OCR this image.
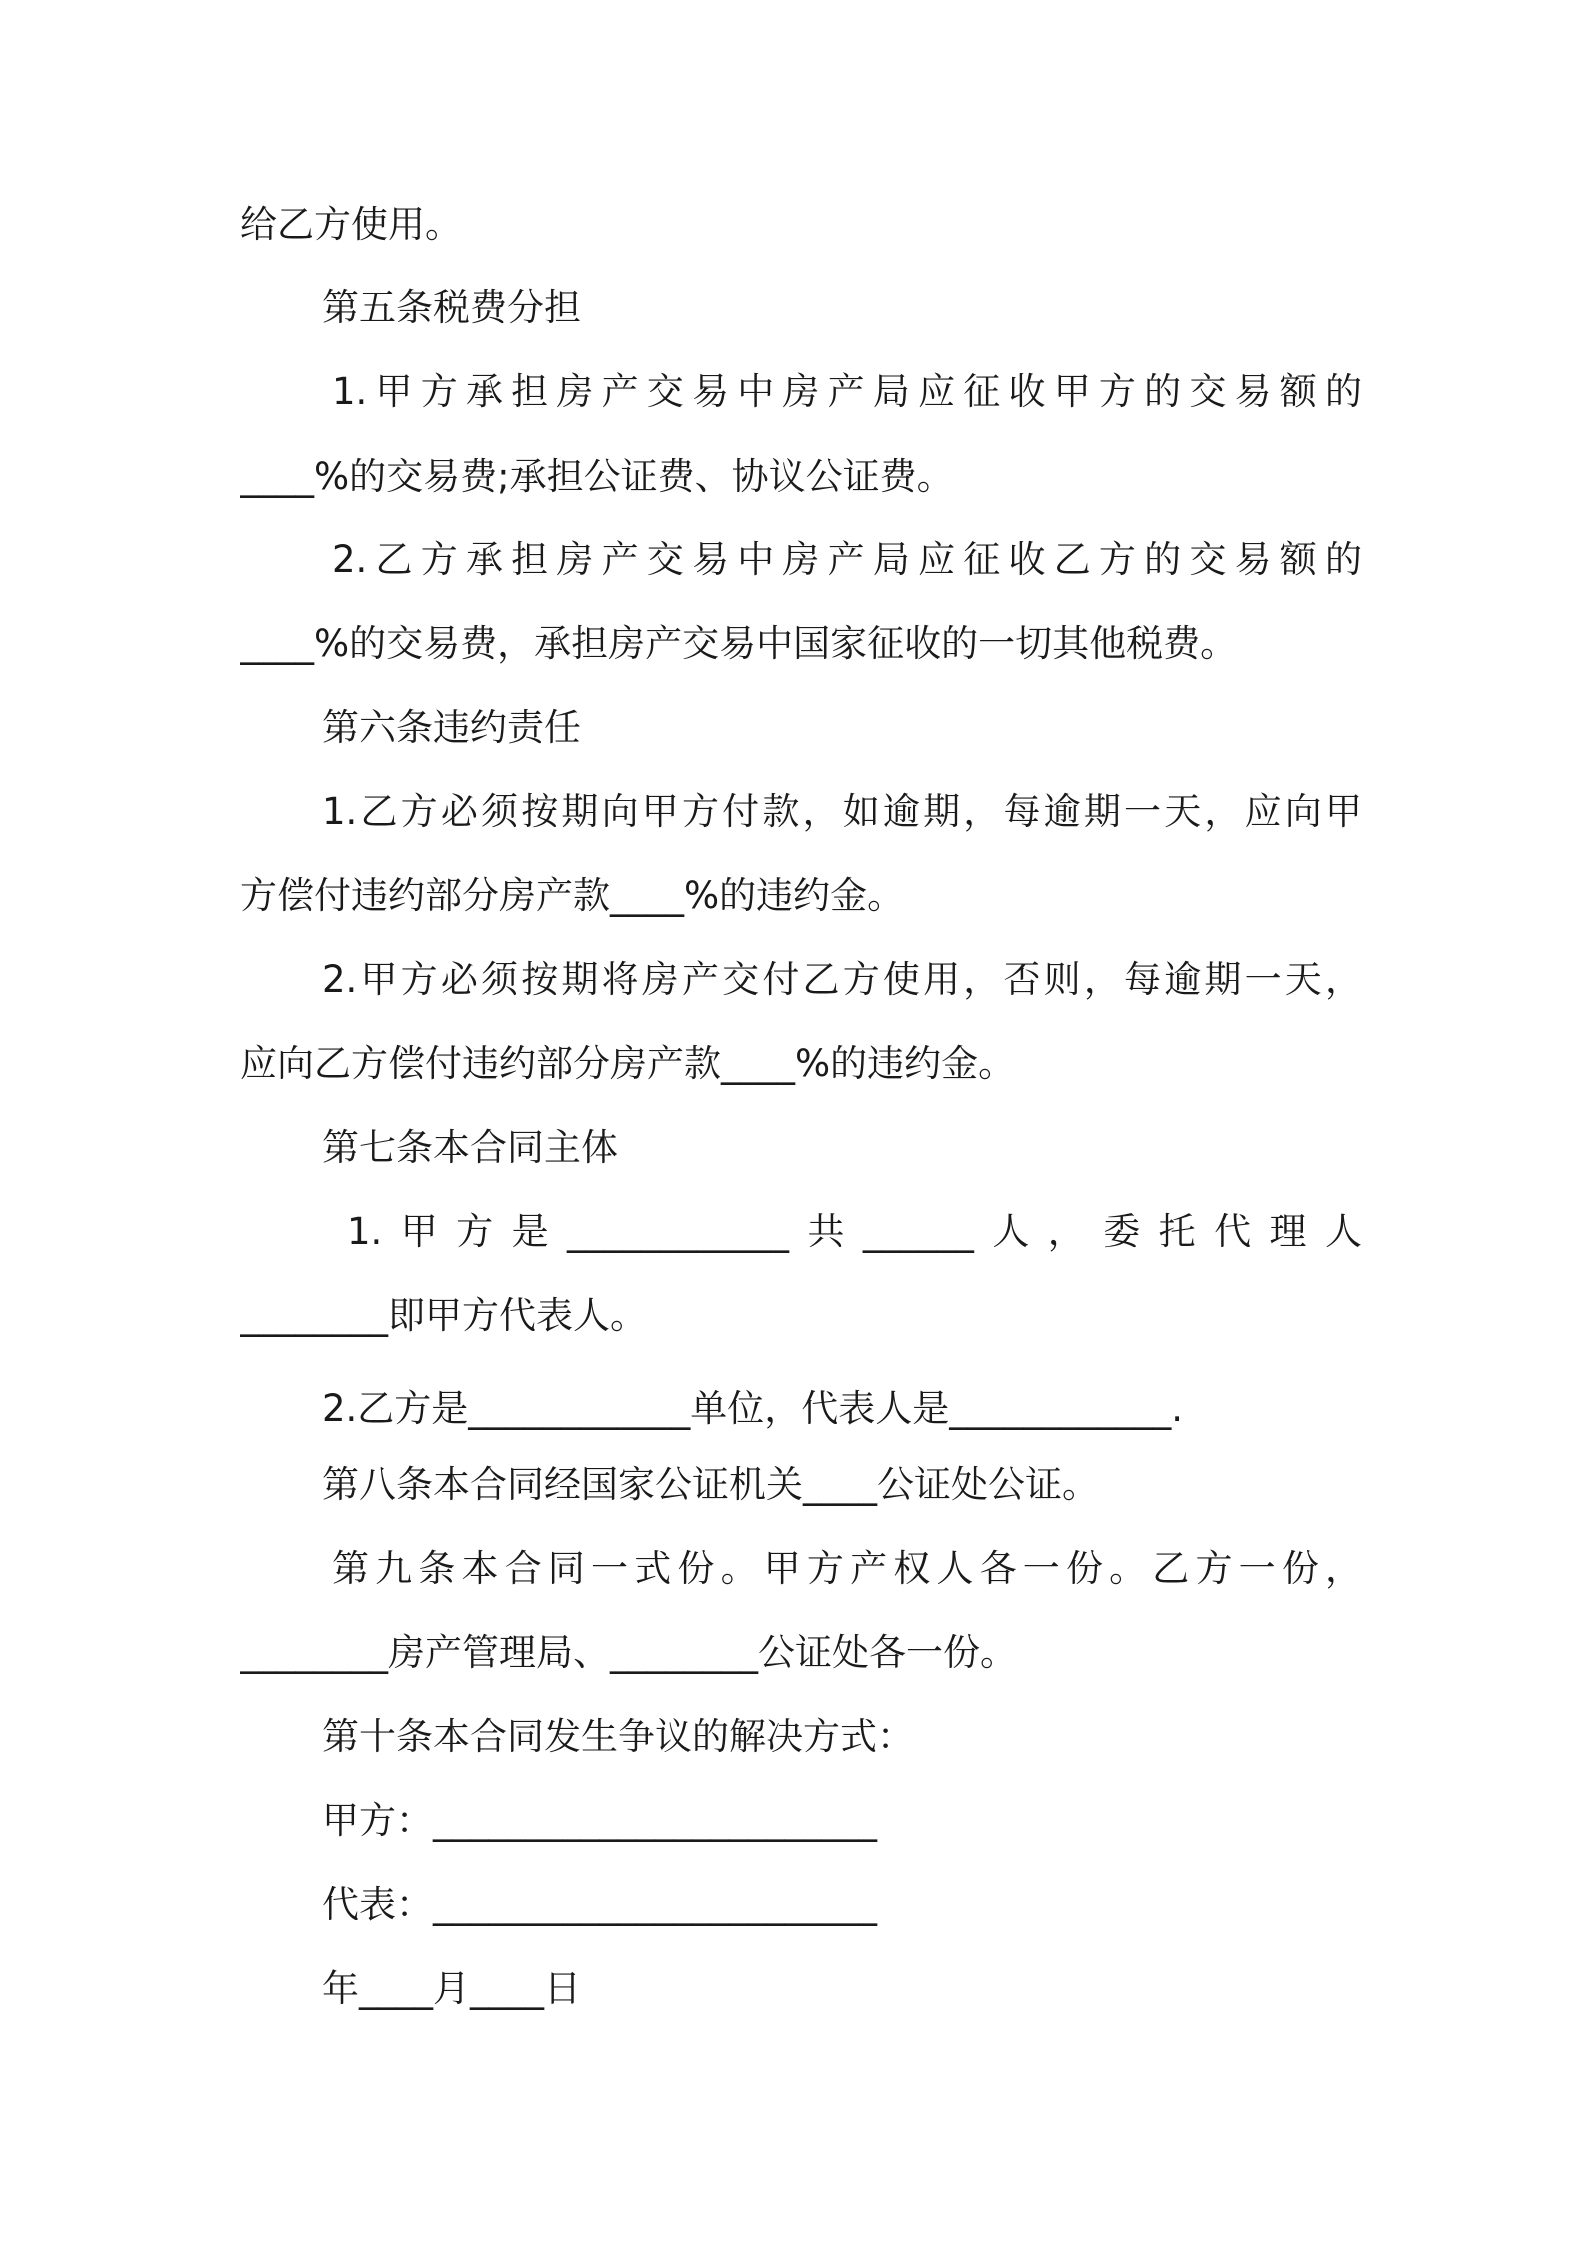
给乙方使用。
第五条税费分担
1.甲方承担房产交易中房产局应征收甲方的交易额的
____%的交易费;承担公证费、协议公证费。
2.乙方承担房产交易中房产局应征收乙方的交易额的
____%的交易费，承担房产交易中国家征收的一切其他税费。
第六条违约责任
1.乙方必须按期向甲方付款，如逾期，每逾期一天，应向甲
方偿付违约部分房产款____%的违约金。
2.甲方必须按期将房产交付乙方使用，否则，每逾期一天，
应向乙方偿付违约部分房产款____%的违约金。
第七条本合同主体
1.甲方是____________共______人，委托代理人
________即甲方代表人。
2.乙方是____________单位，代表人是____________.
第八条本合同经国家公证机关____公证处公证。
第九条本合同一式份。甲方产权人各一份。乙方一份，
________房产管理局、________公证处各一份。
第十条本合同发生争议的解决方式：
甲方：________________________
代表：________________________
年____月____日
